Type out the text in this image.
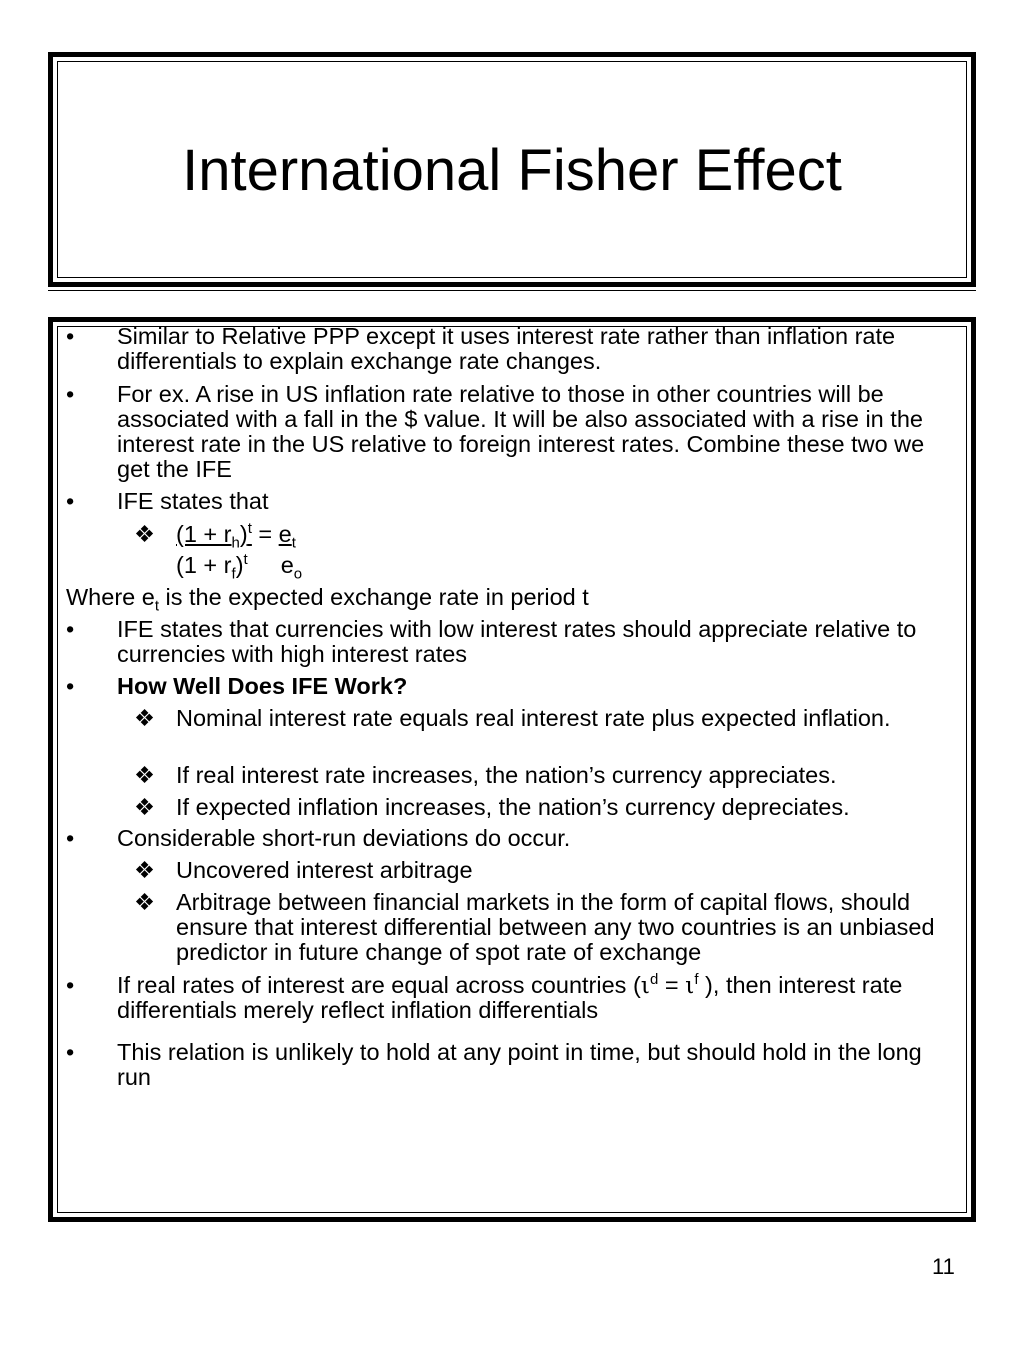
International Fisher Effect
• Similar to Relative PPP except it uses interest rate rather than inflation rate differentials to explain exchange rate changes.
• For ex. A rise in US inflation rate relative to those in other countries will be associated with a fall in the $ value. It will be also associated with a rise in the interest rate in the US relative to foreign interest rates. Combine these two we get the IFE
• IFE states that
❖ $(1 + r_h)^t = e_t$
$(1 + r_f)^t$ $e_o$
Where $e_t$ is the expected exchange rate in period t
• IFE states that currencies with low interest rates should appreciate relative to currencies with high interest rates
• How Well Does IFE Work?
❖ Nominal interest rate equals real interest rate plus expected inflation.
❖ If real interest rate increases, the nation’s currency appreciates.
❖ If expected inflation increases, the nation’s currency depreciates.
• Considerable short-run deviations do occur.
❖ Uncovered interest arbitrage
❖ Arbitrage between financial markets in the form of capital flows, should ensure that interest differential between any two countries is an unbiased predictor in future change of spot rate of exchange
• If real rates of interest are equal across countries ($\iota^d = \iota^f$ ), then interest rate differentials merely reflect inflation differentials
• This relation is unlikely to hold at any point in time, but should hold in the long run
11
